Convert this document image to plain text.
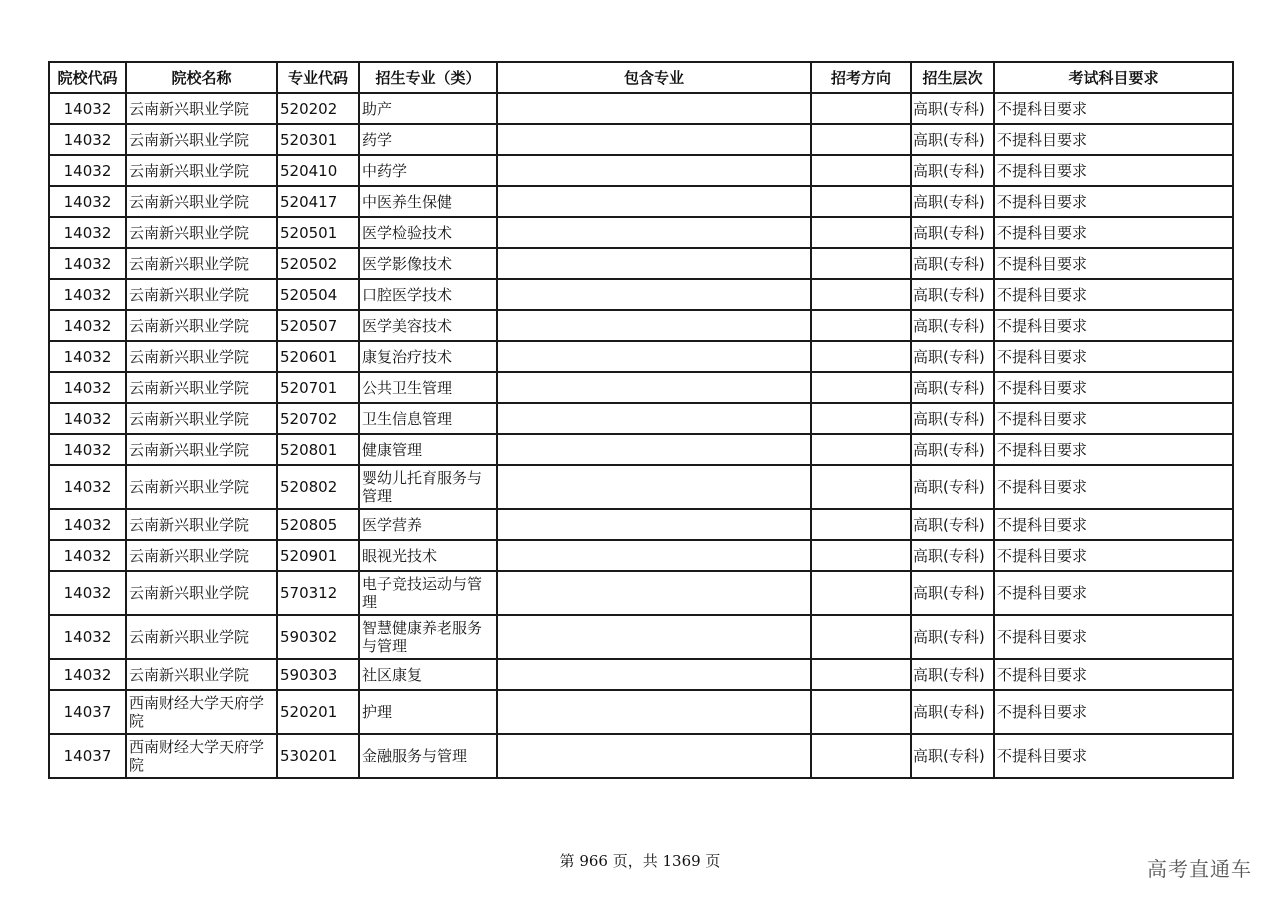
院校代码	院校名称	专业代码	招生专业（类）	包含专业	招考方向	招生层次	考试科目要求
14032	云南新兴职业学院	520202	助产			高职(专科)	不提科目要求
14032	云南新兴职业学院	520301	药学			高职(专科)	不提科目要求
14032	云南新兴职业学院	520410	中药学			高职(专科)	不提科目要求
14032	云南新兴职业学院	520417	中医养生保健			高职(专科)	不提科目要求
14032	云南新兴职业学院	520501	医学检验技术			高职(专科)	不提科目要求
14032	云南新兴职业学院	520502	医学影像技术			高职(专科)	不提科目要求
14032	云南新兴职业学院	520504	口腔医学技术			高职(专科)	不提科目要求
14032	云南新兴职业学院	520507	医学美容技术			高职(专科)	不提科目要求
14032	云南新兴职业学院	520601	康复治疗技术			高职(专科)	不提科目要求
14032	云南新兴职业学院	520701	公共卫生管理			高职(专科)	不提科目要求
14032	云南新兴职业学院	520702	卫生信息管理			高职(专科)	不提科目要求
14032	云南新兴职业学院	520801	健康管理			高职(专科)	不提科目要求
14032	云南新兴职业学院	520802	婴幼儿托育服务与管理			高职(专科)	不提科目要求
14032	云南新兴职业学院	520805	医学营养			高职(专科)	不提科目要求
14032	云南新兴职业学院	520901	眼视光技术			高职(专科)	不提科目要求
14032	云南新兴职业学院	570312	电子竞技运动与管理			高职(专科)	不提科目要求
14032	云南新兴职业学院	590302	智慧健康养老服务与管理			高职(专科)	不提科目要求
14032	云南新兴职业学院	590303	社区康复			高职(专科)	不提科目要求
14037	西南财经大学天府学院	520201	护理			高职(专科)	不提科目要求
14037	西南财经大学天府学院	530201	金融服务与管理			高职(专科)	不提科目要求
第 966 页，共 1369 页	高考直通车
